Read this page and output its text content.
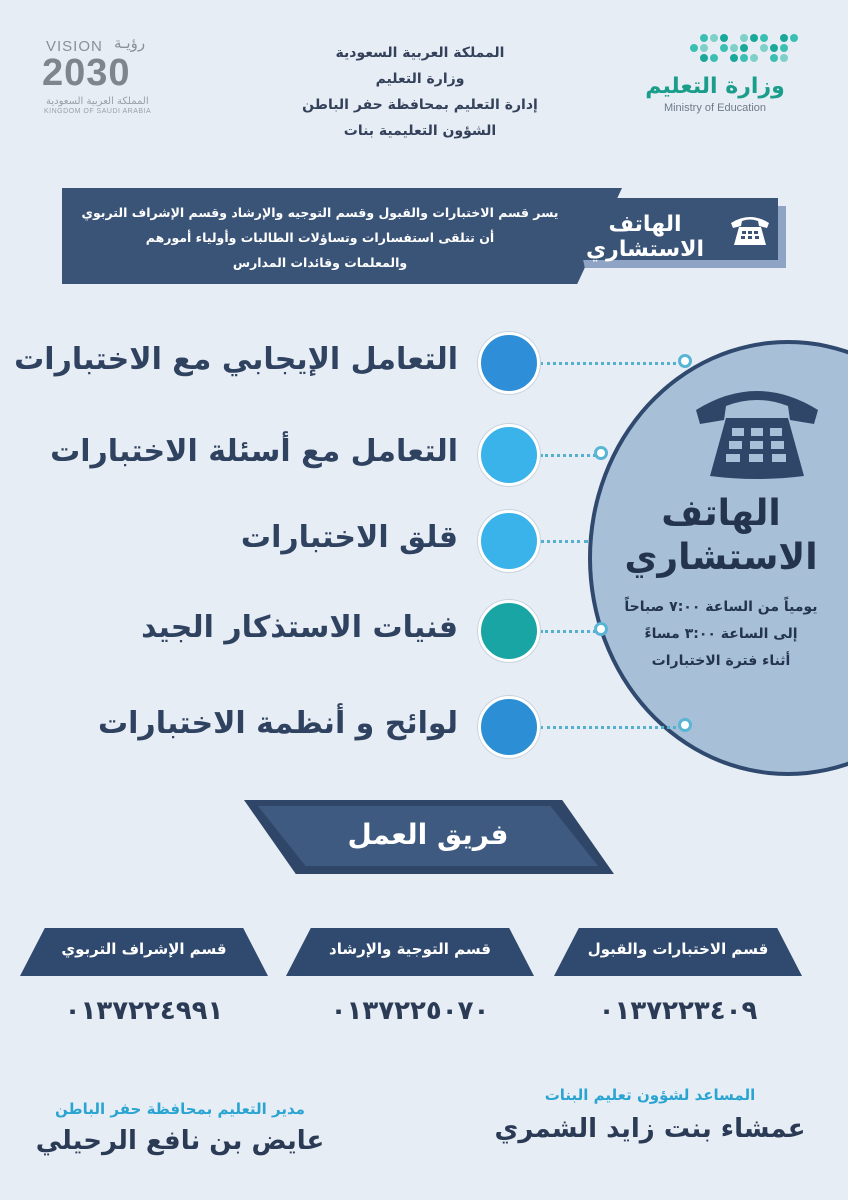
وزارة التعليم
Ministry of Education
المملكة العربية السعودية
وزارة التعليم
إدارة التعليم بمحافظة حفر الباطن
الشؤون التعليمية بنات
VISION رؤيـة
2030
المملكة العربية السعودية
KINGDOM OF SAUDI ARABIA
يسر قسم الاختبارات والقبول وقسم التوجيه والإرشاد وقسم الإشراف التربوي
أن تتلقى استفسارات وتساؤلات الطالبات وأولياء أمورهم
والمعلمات وقائدات المدارس
الهاتف الاستشاري
الهاتف
الاستشاري
يومياً من الساعة ٧:٠٠ صباحاً
إلى الساعة ٣:٠٠ مساءً
أثناء فترة الاختبارات
التعامل الإيجابي مع الاختبارات
التعامل مع أسئلة الاختبارات
قلق الاختبارات
فنيات الاستذكار الجيد
لوائح و أنظمة الاختبارات
فريق العمل
قسم الاختبارات والقبول
قسم التوجية والإرشاد
قسم الإشراف التربوي
٠١٣٧٢٢٣٤٠٩
٠١٣٧٢٢٥٠٧٠
٠١٣٧٢٢٤٩٩١
المساعد لشؤون تعليم البنات
عمشاء بنت زايد الشمري
مدير التعليم بمحافظة حفر الباطن
عايض بن نافع الرحيلي
